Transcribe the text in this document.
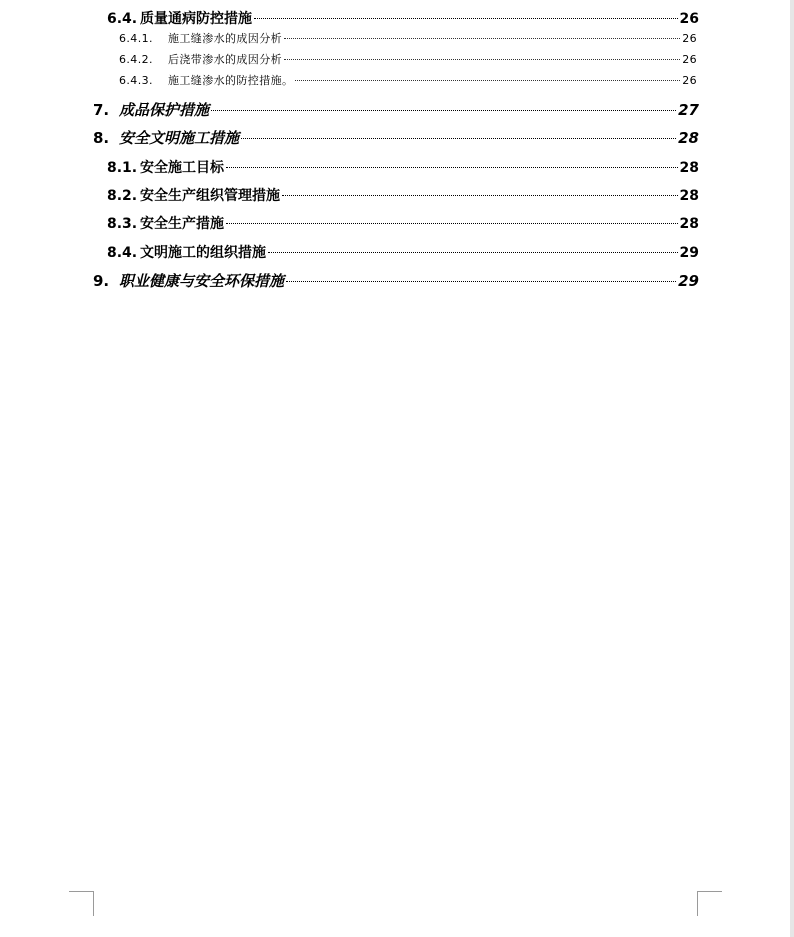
6.4. 质量通病防控措施	26
6.4.1.	施工缝渗水的成因分析	26
6.4.2.	后浇带渗水的成因分析	26
6.4.3.	施工缝渗水的防控措施。	26
7. 成品保护措施	27
8. 安全文明施工措施	28
8.1. 安全施工目标	28
8.2. 安全生产组织管理措施	28
8.3. 安全生产措施	28
8.4. 文明施工的组织措施	29
9. 职业健康与安全环保措施	29
